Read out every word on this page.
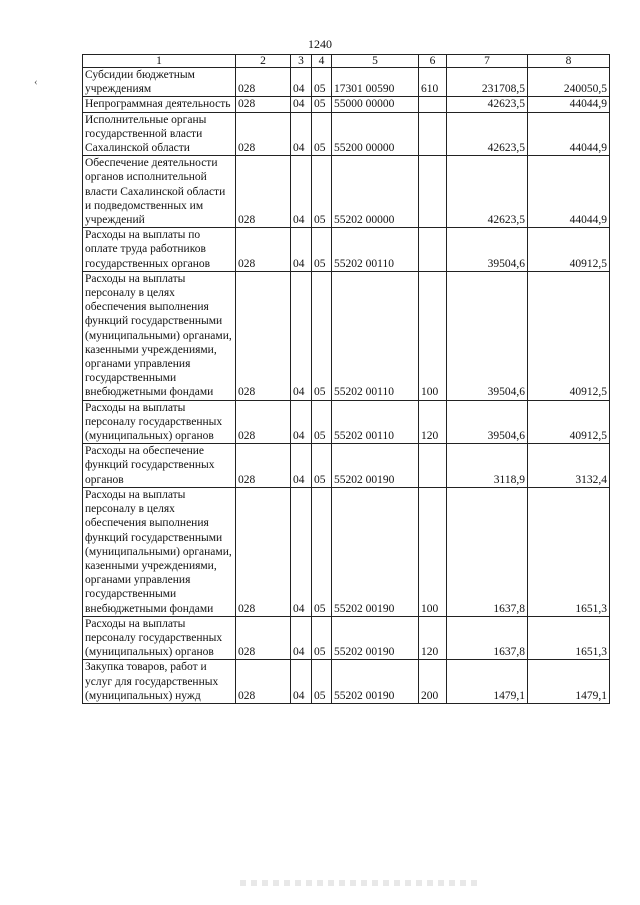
1240
‹
1	2	3	4	5	6	7	8
Субсидии бюджетным учреждениям	028	04	05	17301 00590	610	231708,5	240050,5
Непрограммная деятельность	028	04	05	55000 00000		42623,5	44044,9
Исполнительные органы государственной власти Сахалинской области	028	04	05	55200 00000		42623,5	44044,9
Обеспечение деятельности органов исполнительной власти Сахалинской области и подведомственных им учреждений	028	04	05	55202 00000		42623,5	44044,9
Расходы на выплаты по оплате труда работников государственных органов	028	04	05	55202 00110		39504,6	40912,5
Расходы на выплаты персоналу в целях обеспечения выполнения функций государственными (муниципальными) органами, казенными учреждениями, органами управления государственными внебюджетными фондами	028	04	05	55202 00110	100	39504,6	40912,5
Расходы на выплаты персоналу государственных (муниципальных) органов	028	04	05	55202 00110	120	39504,6	40912,5
Расходы на обеспечение функций государственных органов	028	04	05	55202 00190		3118,9	3132,4
Расходы на выплаты персоналу в целях обеспечения выполнения функций государственными (муниципальными) органами, казенными учреждениями, органами управления государственными внебюджетными фондами	028	04	05	55202 00190	100	1637,8	1651,3
Расходы на выплаты персоналу государственных (муниципальных) органов	028	04	05	55202 00190	120	1637,8	1651,3
Закупка товаров, работ и услуг для государственных (муниципальных) нужд	028	04	05	55202 00190	200	1479,1	1479,1
